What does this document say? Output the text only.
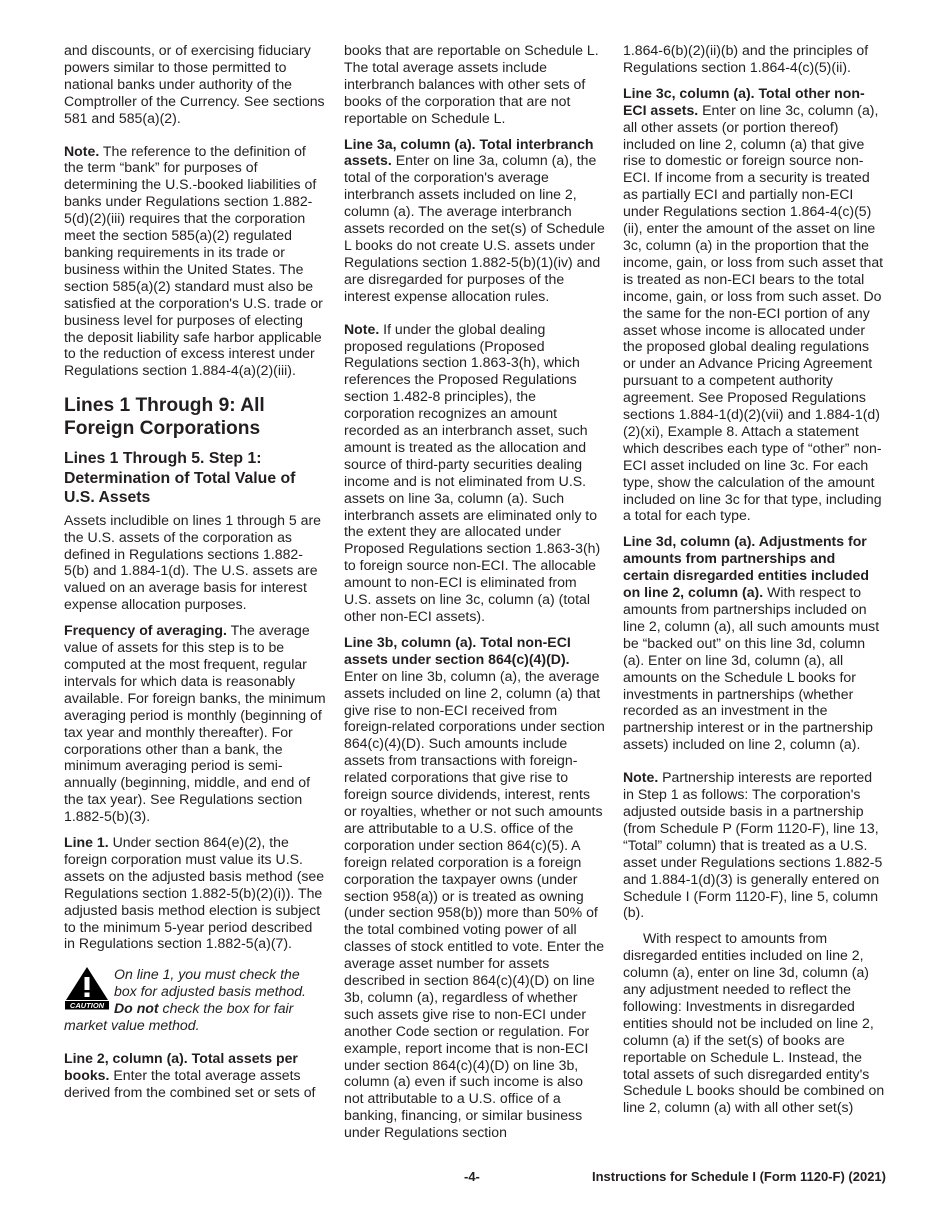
and discounts, or of exercising fiduciary powers similar to those permitted to national banks under authority of the Comptroller of the Currency. See sections 581 and 585(a)(2).

Note. The reference to the definition of the term “bank” for purposes of determining the U.S.-booked liabilities of banks under Regulations section 1.882-5(d)(2)(iii) requires that the corporation meet the section 585(a)(2) regulated banking requirements in its trade or business within the United States. The section 585(a)(2) standard must also be satisfied at the corporation's U.S. trade or business level for purposes of electing the deposit liability safe harbor applicable to the reduction of excess interest under Regulations section 1.884-4(a)(2)(iii).

Lines 1 Through 9: All Foreign Corporations
Lines 1 Through 5. Step 1: Determination of Total Value of U.S. Assets

Assets includible on lines 1 through 5 are the U.S. assets of the corporation as defined in Regulations sections 1.882-5(b) and 1.884-1(d). The U.S. assets are valued on an average basis for interest expense allocation purposes.

Frequency of averaging. The average value of assets for this step is to be computed at the most frequent, regular intervals for which data is reasonably available. For foreign banks, the minimum averaging period is monthly (beginning of tax year and monthly thereafter). For corporations other than a bank, the minimum averaging period is semi-annually (beginning, middle, and end of the tax year). See Regulations section 1.882-5(b)(3).

Line 1. Under section 864(e)(2), the foreign corporation must value its U.S. assets on the adjusted basis method (see Regulations section 1.882-5(b)(2)(i)). The adjusted basis method election is subject to the minimum 5-year period described in Regulations section 1.882-5(a)(7).

CAUTION
On line 1, you must check the box for adjusted basis method. Do not check the box for fair market value method.

Line 2, column (a). Total assets per books. Enter the total average assets derived from the combined set or sets of

books that are reportable on Schedule L. The total average assets include interbranch balances with other sets of books of the corporation that are not reportable on Schedule L.

Line 3a, column (a). Total interbranch assets. Enter on line 3a, column (a), the total of the corporation's average interbranch assets included on line 2, column (a). The average interbranch assets recorded on the set(s) of Schedule L books do not create U.S. assets under Regulations section 1.882-5(b)(1)(iv) and are disregarded for purposes of the interest expense allocation rules.

Note. If under the global dealing proposed regulations (Proposed Regulations section 1.863-3(h), which references the Proposed Regulations section 1.482-8 principles), the corporation recognizes an amount recorded as an interbranch asset, such amount is treated as the allocation and source of third-party securities dealing income and is not eliminated from U.S. assets on line 3a, column (a). Such interbranch assets are eliminated only to the extent they are allocated under Proposed Regulations section 1.863-3(h) to foreign source non-ECI. The allocable amount to non-ECI is eliminated from U.S. assets on line 3c, column (a) (total other non-ECI assets).

Line 3b, column (a). Total non-ECI assets under section 864(c)(4)(D). Enter on line 3b, column (a), the average assets included on line 2, column (a) that give rise to non-ECI received from foreign-related corporations under section 864(c)(4)(D). Such amounts include assets from transactions with foreign-related corporations that give rise to foreign source dividends, interest, rents or royalties, whether or not such amounts are attributable to a U.S. office of the corporation under section 864(c)(5). A foreign related corporation is a foreign corporation the taxpayer owns (under section 958(a)) or is treated as owning (under section 958(b)) more than 50% of the total combined voting power of all classes of stock entitled to vote. Enter the average asset number for assets described in section 864(c)(4)(D) on line 3b, column (a), regardless of whether such assets give rise to non-ECI under another Code section or regulation. For example, report income that is non-ECI under section 864(c)(4)(D) on line 3b, column (a) even if such income is also not attributable to a U.S. office of a banking, financing, or similar business under Regulations section

1.864-6(b)(2)(ii)(b) and the principles of Regulations section 1.864-4(c)(5)(ii).

Line 3c, column (a). Total other non-ECI assets. Enter on line 3c, column (a), all other assets (or portion thereof) included on line 2, column (a) that give rise to domestic or foreign source non-ECI. If income from a security is treated as partially ECI and partially non-ECI under Regulations section 1.864-4(c)(5)(ii), enter the amount of the asset on line 3c, column (a) in the proportion that the income, gain, or loss from such asset that is treated as non-ECI bears to the total income, gain, or loss from such asset. Do the same for the non-ECI portion of any asset whose income is allocated under the proposed global dealing regulations or under an Advance Pricing Agreement pursuant to a competent authority agreement. See Proposed Regulations sections 1.884-1(d)(2)(vii) and 1.884-1(d)(2)(xi), Example 8. Attach a statement which describes each type of “other” non-ECI asset included on line 3c. For each type, show the calculation of the amount included on line 3c for that type, including a total for each type.

Line 3d, column (a). Adjustments for amounts from partnerships and certain disregarded entities included on line 2, column (a). With respect to amounts from partnerships included on line 2, column (a), all such amounts must be “backed out” on this line 3d, column (a). Enter on line 3d, column (a), all amounts on the Schedule L books for investments in partnerships (whether recorded as an investment in the partnership interest or in the partnership assets) included on line 2, column (a).

Note. Partnership interests are reported in Step 1 as follows: The corporation's adjusted outside basis in a partnership (from Schedule P (Form 1120-F), line 13, “Total” column) that is treated as a U.S. asset under Regulations sections 1.882-5 and 1.884-1(d)(3) is generally entered on Schedule I (Form 1120-F), line 5, column (b).

With respect to amounts from disregarded entities included on line 2, column (a), enter on line 3d, column (a) any adjustment needed to reflect the following: Investments in disregarded entities should not be included on line 2, column (a) if the set(s) of books are reportable on Schedule L. Instead, the total assets of such disregarded entity's Schedule L books should be combined on line 2, column (a) with all other set(s)

-4-	Instructions for Schedule I (Form 1120-F) (2021)
